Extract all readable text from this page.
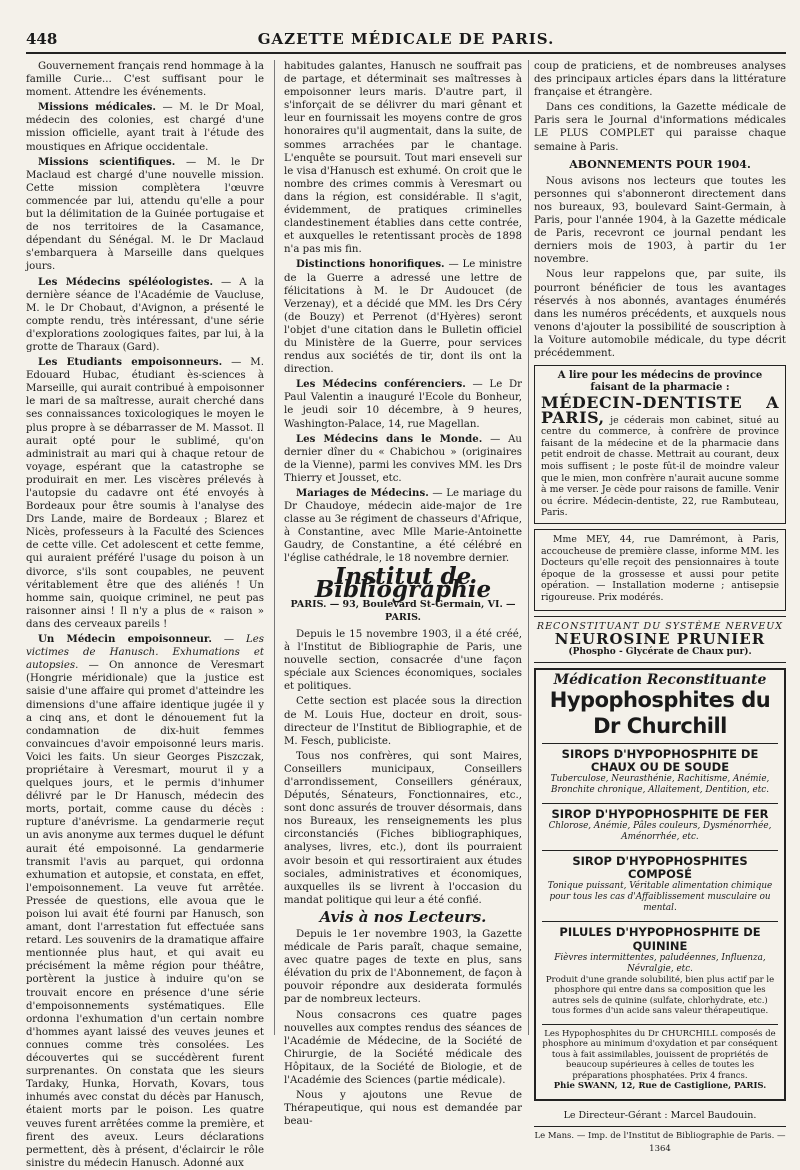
448	GAZETTE MÉDICALE DE PARIS.

Gouvernement français rend hommage à la famille Curie... C'est suffisant pour le moment. Attendre les événements.

Missions médicales. — M. le Dr Moal, médecin des colonies, est chargé d'une mission officielle, ayant trait à l'étude des moustiques en Afrique occidentale.

Missions scientifiques. — M. le Dr Maclaud est chargé d'une nouvelle mission. Cette mission complètera l'œuvre commencée par lui, attendu qu'elle a pour but la délimitation de la Guinée portugaise et de nos territoires de la Casamance, dépendant du Sénégal. M. le Dr Maclaud s'embarquera à Marseille dans quelques jours.

Les Médecins spéléologistes. — A la dernière séance de l'Académie de Vaucluse, M. le Dr Chobaut, d'Avignon, a présenté le compte rendu, très intéressant, d'une série d'explorations zoologiques faites, par lui, à la grotte de Tharaux (Gard).

Les Etudiants empoisonneurs. — M. Edouard Hubac, étudiant ès-sciences à Marseille, qui aurait contribué à empoisonner le mari de sa maîtresse, aurait cherché dans ses connaissances toxicologiques le moyen le plus propre à se débarrasser de M. Massot. Il aurait opté pour le sublimé, qu'on administrait au mari qui à chaque retour de voyage, espérant que la catastrophe se produirait en mer. Les viscères prélevés à l'autopsie du cadavre ont été envoyés à Bordeaux pour être soumis à l'analyse des Drs Lande, maire de Bordeaux ; Blarez et Nicès, professeurs à la Faculté des Sciences de cette ville. Cet adolescent et cette femme, qui auraient préféré l'usage du poison à un divorce, s'ils sont coupables, ne peuvent véritablement être que des aliénés ! Un homme sain, quoique criminel, ne peut pas raisonner ainsi ! Il n'y a plus de « raison » dans des cerveaux pareils !

Un Médecin empoisonneur. — Les victimes de Hanusch. Exhumations et autopsies. — On annonce de Veresmart (Hongrie méridionale) que la justice est saisie d'une affaire qui promet d'atteindre les dimensions d'une affaire identique jugée il y a cinq ans, et dont le dénouement fut la condamnation de dix-huit femmes convaincues d'avoir empoisonné leurs maris. Voici les faits. Un sieur Georges Piszczak, propriétaire à Veresmart, mourut il y a quelques jours, et le permis d'inhumer délivré par le Dr Hanusch, médecin des morts, portait, comme cause du décès : rupture d'anévrisme. La gendarmerie reçut un avis anonyme aux termes duquel le défunt aurait été empoisonné. La gendarmerie transmit l'avis au parquet, qui ordonna exhumation et autopsie, et constata, en effet, l'empoisonnement. La veuve fut arrêtée. Pressée de questions, elle avoua que le poison lui avait été fourni par Hanusch, son amant, dont l'arrestation fut effectuée sans retard. Les souvenirs de la dramatique affaire mentionnée plus haut, et qui avait eu précisément la même région pour théâtre, portèrent la justice à induire qu'on se trouvait encore en présence d'une série d'empoisonnements systématiques. Elle ordonna l'exhumation d'un certain nombre d'hommes ayant laissé des veuves jeunes et connues comme très consolées. Les découvertes qui se succédèrent furent surprenantes. On constata que les sieurs Tardaky, Hunka, Horvath, Kovars, tous inhumés avec constat du décès par Hanusch, étaient morts par le poison. Les quatre veuves furent arrêtées comme la première, et firent des aveux. Leurs déclarations permettent, dès à présent, d'éclaircir le rôle sinistre du médecin Hanusch. Adonné aux

habitudes galantes, Hanusch ne souffrait pas de partage, et déterminait ses maîtresses à empoisonner leurs maris. D'autre part, il s'inforçait de se délivrer du mari gênant et leur en fournissait les moyens contre de gros honoraires qu'il augmentait, dans la suite, de sommes arrachées par le chantage. L'enquête se poursuit. Tout mari enseveli sur le visa d'Hanusch est exhumé. On croit que le nombre des crimes commis à Veresmart ou dans la région, est considérable. Il s'agit, évidemment, de pratiques criminelles clandestinement établies dans cette contrée, et auxquelles le retentissant procès de 1898 n'a pas mis fin.

Distinctions honorifiques. — Le ministre de la Guerre a adressé une lettre de félicitations à M. le Dr Audoucet (de Verzenay), et a décidé que MM. les Drs Céry (de Bouzy) et Perrenot (d'Hyères) seront l'objet d'une citation dans le Bulletin officiel du Ministère de la Guerre, pour services rendus aux sociétés de tir, dont ils ont la direction.

Les Médecins conférenciers. — Le Dr Paul Valentin a inauguré l'Ecole du Bonheur, le jeudi soir 10 décembre, à 9 heures, Washington-Palace, 14, rue Magellan.

Les Médecins dans le Monde. — Au dernier dîner du « Chabichou » (originaires de la Vienne), parmi les convives MM. les Drs Thierry et Jousset, etc.

Mariages de Médecins. — Le mariage du Dr Chaudoye, médecin aide-major de 1re classe au 3e régiment de chasseurs d'Afrique, à Constantine, avec Mlle Marie-Antoinette Gaudry, de Constantine, a été célébré en l'église cathédrale, le 18 novembre dernier.

Institut de Bibliographie
PARIS. — 93, Boulevard St-Germain, VI. — PARIS.

Depuis le 15 novembre 1903, il a été créé, à l'Institut de Bibliographie de Paris, une nouvelle section, consacrée d'une façon spéciale aux Sciences économiques, sociales et politiques.

Cette section est placée sous la direction de M. Louis Hue, docteur en droit, sous-directeur de l'Institut de Bibliographie, et de M. Fesch, publiciste.

Tous nos confrères, qui sont Maires, Conseillers municipaux, Conseillers d'arrondissement, Conseillers généraux, Députés, Sénateurs, Fonctionnaires, etc., sont donc assurés de trouver désormais, dans nos Bureaux, les renseignements les plus circonstanciés (Fiches bibliographiques, analyses, livres, etc.), dont ils pourraient avoir besoin et qui ressortiraient aux études sociales, administratives et économiques, auxquelles ils se livrent à l'occasion du mandat politique qui leur a été confié.

Avis à nos Lecteurs.

Depuis le 1er novembre 1903, la Gazette médicale de Paris paraît, chaque semaine, avec quatre pages de texte en plus, sans élévation du prix de l'Abonnement, de façon à pouvoir répondre aux desiderata formulés par de nombreux lecteurs.

Nous consacrons ces quatre pages nouvelles aux comptes rendus des séances de l'Académie de Médecine, de la Société de Chirurgie, de la Société médicale des Hôpitaux, de la Société de Biologie, et de l'Académie des Sciences (partie médicale).

Nous y ajoutons une Revue de Thérapeutique, qui nous est demandée par beau-

coup de praticiens, et de nombreuses analyses des principaux articles épars dans la littérature française et étrangère.

Dans ces conditions, la Gazette médicale de Paris sera le Journal d'informations médicales LE PLUS COMPLET qui paraisse chaque semaine à Paris.

ABONNEMENTS POUR 1904.

Nous avisons nos lecteurs que toutes les personnes qui s'abonneront directement dans nos bureaux, 93, boulevard Saint-Germain, à Paris, pour l'année 1904, à la Gazette médicale de Paris, recevront ce journal pendant les derniers mois de 1903, à partir du 1er novembre.

Nous leur rappelons que, par suite, ils pourront bénéficier de tous les avantages réservés à nos abonnés, avantages énumérés dans les numéros précédents, et auxquels nous venons d'ajouter la possibilité de souscription à la Voiture automobile médicale, du type décrit précédemment.

A lire pour les médecins de province faisant de la pharmacie :
MÉDECIN-DENTISTE A PARIS, je céderais mon cabinet, situé au centre du commerce, à confrère de province faisant de la médecine et de la pharmacie dans petit endroit de chasse. Mettrait au courant, deux mois suffisent ; le poste fût-il de moindre valeur que le mien, mon confrère n'aurait aucune somme à me verser. Je cède pour raisons de famille. Venir ou écrire. Médecin-dentiste, 22, rue Rambuteau, Paris.

Mme MEY, 44, rue Damrémont, à Paris, accoucheuse de première classe, informe MM. les Docteurs qu'elle reçoit des pensionnaires à toute époque de la grossesse et aussi pour petite opération. — Installation moderne ; antisepsie rigoureuse. Prix modérés.

RECONSTITUANT DU SYSTÈME NERVEUX
NEUROSINE PRUNIER
(Phospho - Glycérate de Chaux pur).
Médication Reconstituante
Hypophosphites du Dr Churchill
SIROPS D'HYPOPHOSPHITE DE CHAUX OU DE SOUDE
Tuberculose, Neurasthénie, Rachitisme, Anémie, Bronchite chronique, Allaitement, Dentition, etc.
SIROP D'HYPOPHOSPHITE DE FER
Chlorose, Anémie, Pâles couleurs, Dysménorrhée, Aménorrhée, etc.
SIROP D'HYPOPHOSPHITES COMPOSÉ
Tonique puissant, Véritable alimentation chimique pour tous les cas d'Affaiblissement musculaire ou mental.
PILULES D'HYPOPHOSPHITE DE QUININE
Fièvres intermittentes, paludéennes, Influenza, Névralgie, etc.
Produit d'une grande solubilité, bien plus actif par le phosphore qui entre dans sa composition que les autres sels de quinine (sulfate, chlorhydrate, etc.) tous formes d'un acide sans valeur thérapeutique.
Les Hypophosphites du Dr CHURCHILL composés de phosphore au minimum d'oxydation et par conséquent tous à fait assimilables, jouissent de propriétés de beaucoup supérieures à celles de toutes les préparations phosphatées. Prix 4 francs.
Phie SWANN, 12, Rue de Castiglione, PARIS.
Le Directeur-Gérant : Marcel Baudouin.
Le Mans. — Imp. de l'Institut de Bibliographie de Paris. — 1364
